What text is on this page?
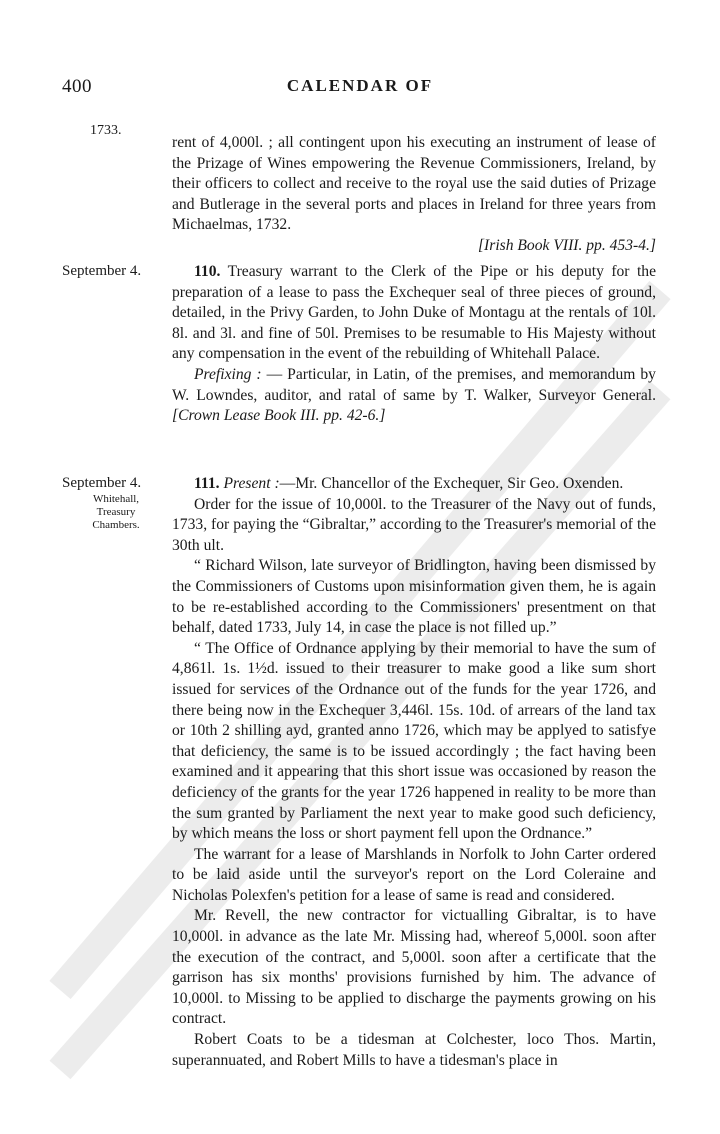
400	CALENDAR OF
1733.

rent of 4,000l. ; all contingent upon his executing an instrument of lease of the Prizage of Wines empowering the Revenue Commissioners, Ireland, by their officers to collect and receive to the royal use the said duties of Prizage and Butlerage in the several ports and places in Ireland for three years from Michaelmas, 1732.

[Irish Book VIII. pp. 453-4.]
September 4.	110. Treasury warrant to the Clerk of the Pipe or his deputy for the preparation of a lease to pass the Exchequer seal of three pieces of ground, detailed, in the Privy Garden, to John Duke of Montagu at the rentals of 10l. 8l. and 3l. and fine of 50l. Premises to be resumable to His Majesty without any compensation in the event of the rebuilding of Whitehall Palace.

Prefixing : — Particular, in Latin, of the premises, and memorandum by W. Lowndes, auditor, and ratal of same by T. Walker, Surveyor General. [Crown Lease Book III. pp. 42-6.]

September 4.
Whitehall,
Treasury
Chambers.

111. Present :—Mr. Chancellor of the Exchequer, Sir Geo. Oxenden.

Order for the issue of 10,000l. to the Treasurer of the Navy out of funds, 1733, for paying the “Gibraltar,” according to the Treasurer's memorial of the 30th ult.

“ Richard Wilson, late surveyor of Bridlington, having been dismissed by the Commissioners of Customs upon misinformation given them, he is again to be re-established according to the Commissioners' presentment on that behalf, dated 1733, July 14, in case the place is not filled up.”

“ The Office of Ordnance applying by their memorial to have the sum of 4,861l. 1s. 1½d. issued to their treasurer to make good a like sum short issued for services of the Ordnance out of the funds for the year 1726, and there being now in the Exchequer 3,446l. 15s. 10d. of arrears of the land tax or 10th 2 shilling ayd, granted anno 1726, which may be applyed to satisfye that deficiency, the same is to be issued accordingly ; the fact having been examined and it appearing that this short issue was occasioned by reason the deficiency of the grants for the year 1726 happened in reality to be more than the sum granted by Parliament the next year to make good such deficiency, by which means the loss or short payment fell upon the Ordnance.”

The warrant for a lease of Marshlands in Norfolk to John Carter ordered to be laid aside until the surveyor's report on the Lord Coleraine and Nicholas Polexfen's petition for a lease of same is read and considered.

Mr. Revell, the new contractor for victualling Gibraltar, is to have 10,000l. in advance as the late Mr. Missing had, whereof 5,000l. soon after the execution of the contract, and 5,000l. soon after a certificate that the garrison has six months' provisions furnished by him. The advance of 10,000l. to Missing to be applied to discharge the payments growing on his contract.

Robert Coats to be a tidesman at Colchester, loco Thos. Martin, superannuated, and Robert Mills to have a tidesman's place in
